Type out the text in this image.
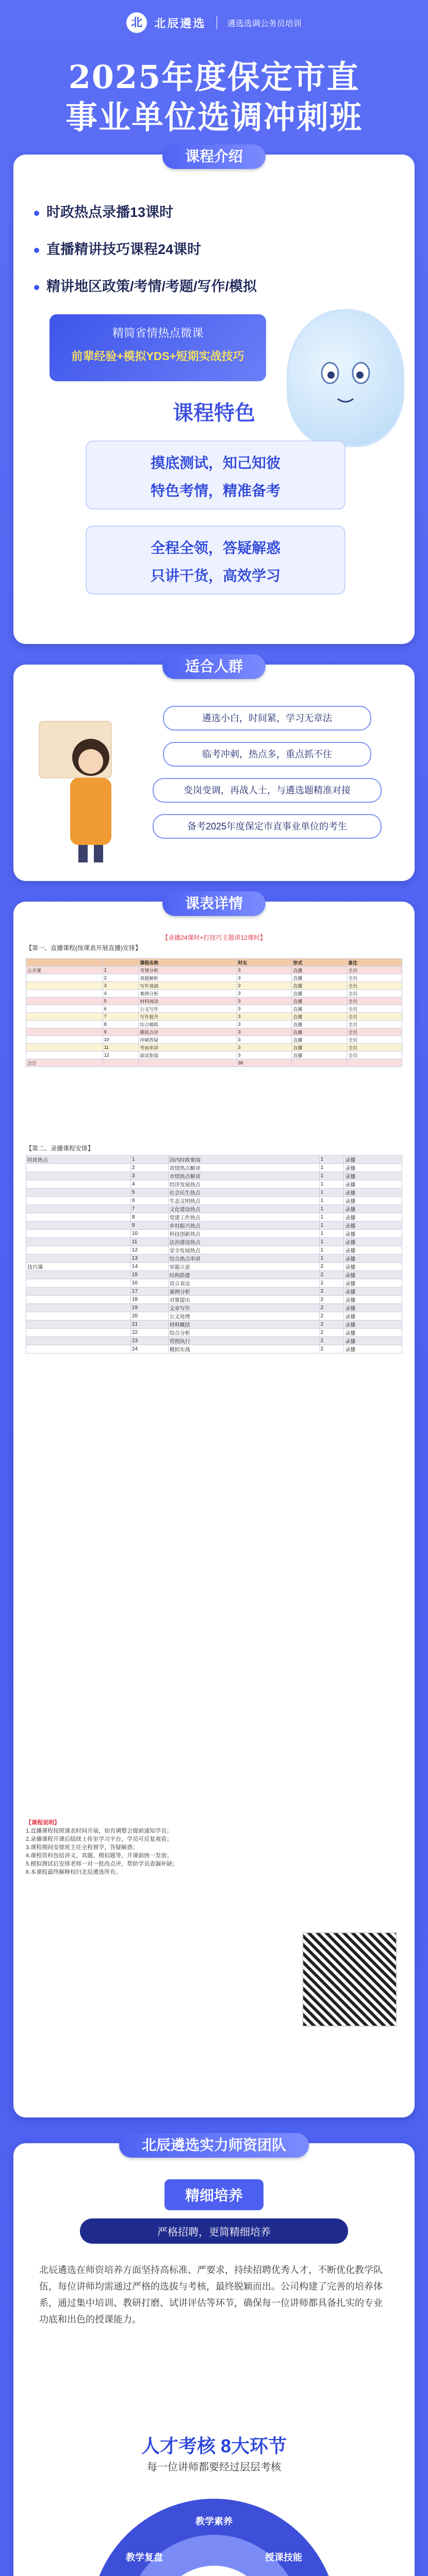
北 北辰遴选	遴选选调公务员培训
2025年度保定市直
事业单位选调冲刺班
课程介绍
时政热点录播13课时
直播精讲技巧课程24课时
精讲地区政策/考情/考题/写作/模拟
精简省情热点微课
前辈经验+模拟YDS+短期实战技巧
课程特色
摸底测试，知己知彼
特色考情，精准备考
全程全领，答疑解惑
只讲干货，高效学习
适合人群
遴选小白，时间紧，学习无章法
临考冲刺，热点多，重点抓不住
变岗变调，再战人士，与遴选题精准对接
备考2025年度保定市直事业单位的考生
课表详情
【录播24课时+打技巧主题讲12课时】
【第一、直播课程(按课表开展直播)安排】
		课程名称	时长	形式	备注
公开课	1	考情分析	3	直播	全员
	2	真题解析	3	直播	全员
	3	写作基础	3	直播	全员
	4	案例分析	3	直播	全员
	5	材料阅读	3	直播	全员
	6	公文写作	3	直播	全员
	7	写作提升	3	直播	全员
	8	综合模拟	3	直播	全员
	9	模拟点评	3	直播	全员
	10	冲刺答疑	3	直播	全员
	11	考前串讲	3	直播	全员
	12	面试衔接	3	直播	全员
合计			36		
【第二、录播课程安排】
时政热点	1	国内时政要闻	1	录播
	2	省情热点解读	1	录播
	3	市情热点解读	1	录播
	4	经济发展热点	1	录播
	5	社会民生热点	1	录播
	6	生态文明热点	1	录播
	7	文化建设热点	1	录播
	8	党建工作热点	1	录播
	9	乡村振兴热点	1	录播
	10	科技创新热点	1	录播
	11	法治建设热点	1	录播
	12	安全发展热点	1	录播
	13	综合热点串讲	1	录播
技巧课	14	审题立意	2	录播
	15	结构搭建	2	录播
	16	语言表达	2	录播
	17	案例分析	2	录播
	18	对策提出	2	录播
	19	文章写作	2	录播
	20	公文处理	2	录播
	21	材料概括	2	录播
	22	综合分析	2	录播
	23	贯彻执行	2	录播
	24	模拟实战	2	录播
【课程说明】
1.直播课程按照课表时间开展，如有调整会提前通知学员；
2.录播课程开课后陆续上传至学习平台，学员可反复观看；
3.课程期间安排班主任全程督学，答疑解惑；
4.课程资料包括讲义、真题、模拟题等，开课前统一发放；
5.模拟测试后安排老师一对一批改点评，帮助学员查漏补缺；
6.本课程最终解释权归北辰遴选所有。
北辰遴选实力师资团队
精细培养
严格招聘，更简精细培养
北辰遴选在师资培养方面坚持高标准、严要求，持续招聘优秀人才，不断优化教学队伍，每位讲师均需通过严格的选拔与考核，最终脱颖而出。公司构建了完善的培养体系，通过集中培训、教研打磨、试讲评估等环节，确保每一位讲师都具备扎实的专业功底和出色的授课能力。
人才考核 8大环节
每一位讲师都要经过层层考核
教学素养
授课技能
教学复盘
